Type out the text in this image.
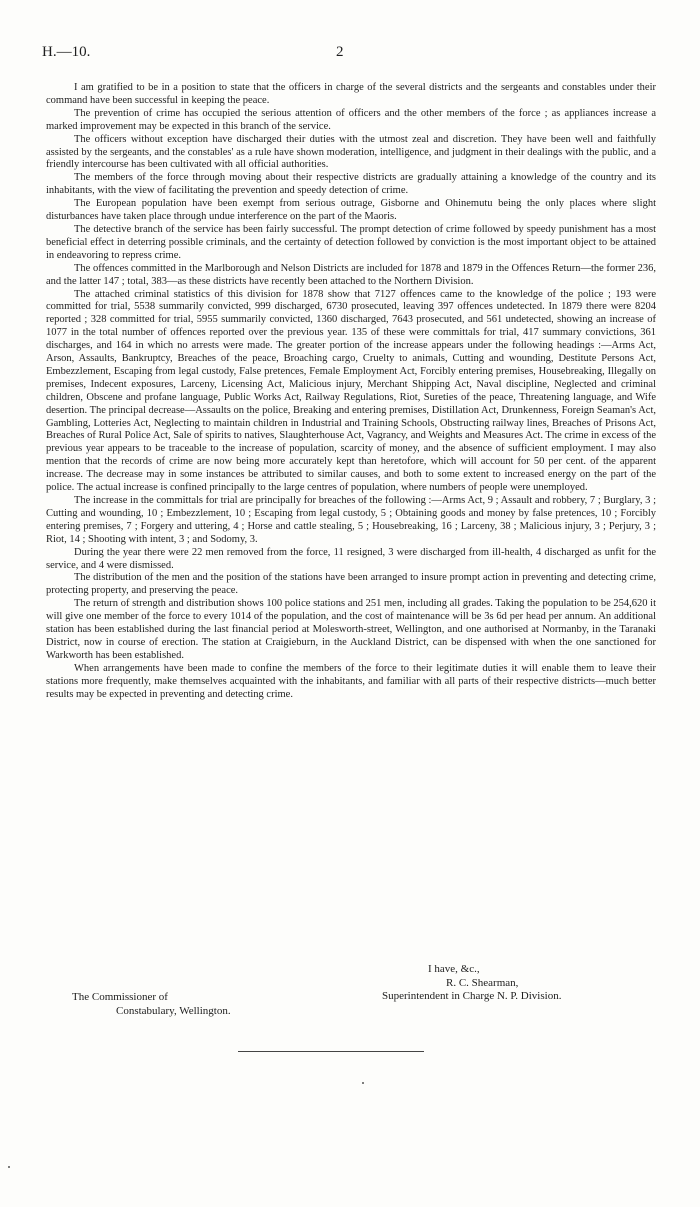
H.—10.	2

I am gratified to be in a position to state that the officers in charge of the several districts and the sergeants and constables under their command have been successful in keeping the peace.

The prevention of crime has occupied the serious attention of officers and the other members of the force ; as appliances increase a marked improvement may be expected in this branch of the service.

The officers without exception have discharged their duties with the utmost zeal and discretion. They have been well and faithfully assisted by the sergeants, and the constables' as a rule have shown moderation, intelligence, and judgment in their dealings with the public, and a friendly intercourse has been cultivated with all official authorities.

The members of the force through moving about their respective districts are gradually attaining a knowledge of the country and its inhabitants, with the view of facilitating the prevention and speedy detection of crime.

The European population have been exempt from serious outrage, Gisborne and Ohinemutu being the only places where slight disturbances have taken place through undue interference on the part of the Maoris.

The detective branch of the service has been fairly successful. The prompt detection of crime followed by speedy punishment has a most beneficial effect in deterring possible criminals, and the certainty of detection followed by conviction is the most important object to be attained in endeavoring to repress crime.

The offences committed in the Marlborough and Nelson Districts are included for 1878 and 1879 in the Offences Return—the former 236, and the latter 147 ; total, 383—as these districts have recently been attached to the Northern Division.

The attached criminal statistics of this division for 1878 show that 7127 offences came to the knowledge of the police ; 193 were committed for trial, 5538 summarily convicted, 999 discharged, 6730 prosecuted, leaving 397 offences undetected. In 1879 there were 8204 reported ; 328 committed for trial, 5955 summarily convicted, 1360 discharged, 7643 prosecuted, and 561 undetected, showing an increase of 1077 in the total number of offences reported over the previous year. 135 of these were committals for trial, 417 summary convictions, 361 discharges, and 164 in which no arrests were made. The greater portion of the increase appears under the following headings :—Arms Act, Arson, Assaults, Bankruptcy, Breaches of the peace, Broaching cargo, Cruelty to animals, Cutting and wounding, Destitute Persons Act, Embezzlement, Escaping from legal custody, False pretences, Female Employment Act, Forcibly entering premises, Housebreaking, Illegally on premises, Indecent exposures, Larceny, Licensing Act, Malicious injury, Merchant Shipping Act, Naval discipline, Neglected and criminal children, Obscene and profane language, Public Works Act, Railway Regulations, Riot, Sureties of the peace, Threatening language, and Wife desertion. The principal decrease—Assaults on the police, Breaking and entering premises, Distillation Act, Drunkenness, Foreign Seaman's Act, Gambling, Lotteries Act, Neglecting to maintain children in Industrial and Training Schools, Obstructing railway lines, Breaches of Prisons Act, Breaches of Rural Police Act, Sale of spirits to natives, Slaughterhouse Act, Vagrancy, and Weights and Measures Act. The crime in excess of the previous year appears to be traceable to the increase of population, scarcity of money, and the absence of sufficient employment. I may also mention that the records of crime are now being more accurately kept than heretofore, which will account for 50 per cent. of the apparent increase. The decrease may in some instances be attributed to similar causes, and both to some extent to increased energy on the part of the police. The actual increase is confined principally to the large centres of population, where numbers of people were unemployed.

The increase in the committals for trial are principally for breaches of the following :—Arms Act, 9 ; Assault and robbery, 7 ; Burglary, 3 ; Cutting and wounding, 10 ; Embezzlement, 10 ; Escaping from legal custody, 5 ; Obtaining goods and money by false pretences, 10 ; Forcibly entering premises, 7 ; Forgery and uttering, 4 ; Horse and cattle stealing, 5 ; Housebreaking, 16 ; Larceny, 38 ; Malicious injury, 3 ; Perjury, 3 ; Riot, 14 ; Shooting with intent, 3 ; and Sodomy, 3.

During the year there were 22 men removed from the force, 11 resigned, 3 were discharged from ill-health, 4 discharged as unfit for the service, and 4 were dismissed.

The distribution of the men and the position of the stations have been arranged to insure prompt action in preventing and detecting crime, protecting property, and preserving the peace.

The return of strength and distribution shows 100 police stations and 251 men, including all grades. Taking the population to be 254,620 it will give one member of the force to every 1014 of the population, and the cost of maintenance will be 3s 6d per head per annum. An additional station has been established during the last financial period at Molesworth-street, Wellington, and one authorised at Normanby, in the Taranaki District, now in course of erection. The station at Craigieburn, in the Auckland District, can be dispensed with when the one sanctioned for Warkworth has been established.

When arrangements have been made to confine the members of the force to their legitimate duties it will enable them to leave their stations more frequently, make themselves acquainted with the inhabitants, and familiar with all parts of their respective districts—much better results may be expected in preventing and detecting crime.

I have, &c.,
R. C. Shearman,
Superintendent in Charge N. P. Division.
The Commissioner of
Constabulary, Wellington.
